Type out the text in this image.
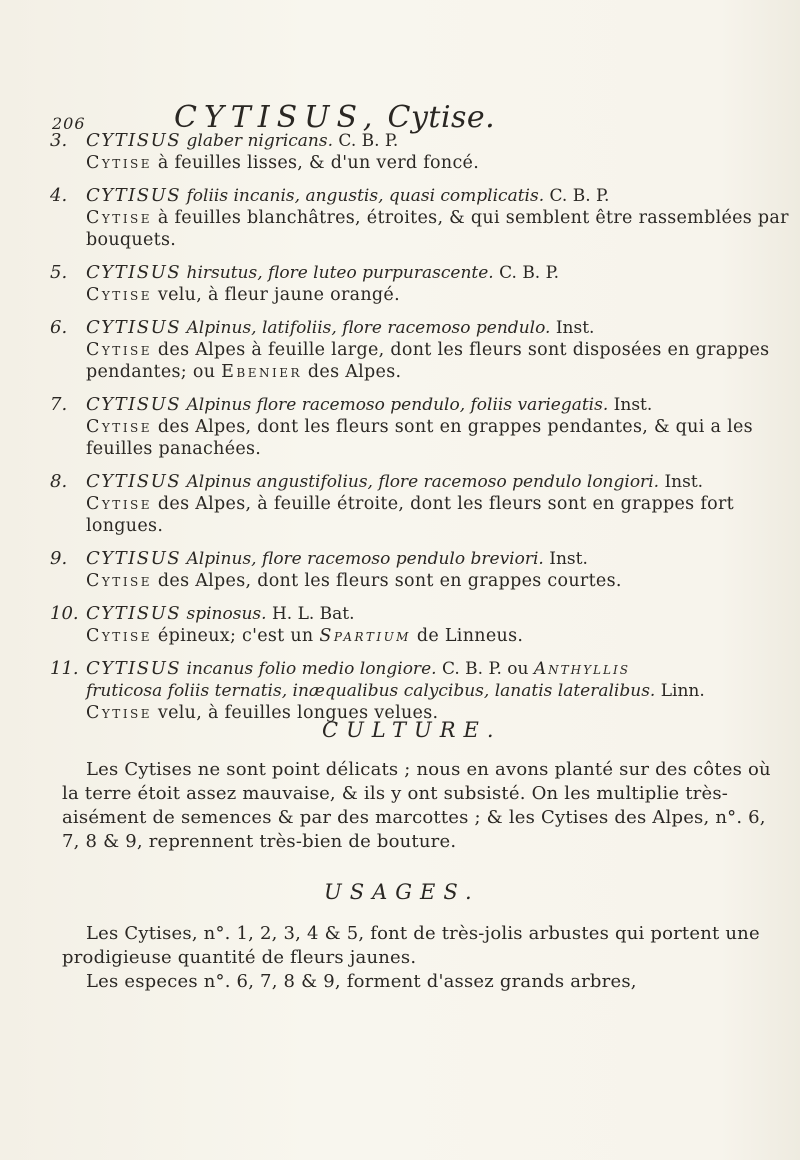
206	CYTISUS, Cytise.
3.	CYTISUS glaber nigricans. C. B. P.
Cytise à feuilles lisses, & d'un verd foncé.
4.	CYTISUS foliis incanis, angustis, quasi complicatis. C. B. P.
Cytise à feuilles blanchâtres, étroites, & qui semblent être rassemblées par bouquets.
5.	CYTISUS hirsutus, flore luteo purpurascente. C. B. P.
Cytise velu, à fleur jaune orangé.
6.	CYTISUS Alpinus, latifoliis, flore racemoso pendulo. Inst.
Cytise des Alpes à feuille large, dont les fleurs sont disposées en grappes pendantes; ou Ebenier des Alpes.
7.	CYTISUS Alpinus flore racemoso pendulo, foliis variegatis. Inst.
Cytise des Alpes, dont les fleurs sont en grappes pendantes, & qui a les feuilles panachées.
8.	CYTISUS Alpinus angustifolius, flore racemoso pendulo longiori. Inst.
Cytise des Alpes, à feuille étroite, dont les fleurs sont en grappes fort longues.
9.	CYTISUS Alpinus, flore racemoso pendulo breviori. Inst.
Cytise des Alpes, dont les fleurs sont en grappes courtes.
10. CYTISUS spinosus. H. L. Bat.
Cytise épineux; c'est un Spartium de Linneus.
11. CYTISUS incanus folio medio longiore. C. B. P. ou Anthyllis
fruticosa foliis ternatis, inæqualibus calycibus, lanatis lateralibus. Linn.
Cytise velu, à feuilles longues velues.
CULTURE.

Les Cytises ne sont point délicats ; nous en avons planté sur des côtes où la terre étoit assez mauvaise, & ils y ont subsisté. On les multiplie très-aisément de semences & par des marcottes ; & les Cytises des Alpes, n°. 6, 7, 8 & 9, reprennent très-bien de bouture.

USAGES.

Les Cytises, n°. 1, 2, 3, 4 & 5, font de très-jolis arbustes qui portent une prodigieuse quantité de fleurs jaunes.

Les especes n°. 6, 7, 8 & 9, forment d'assez grands arbres,
